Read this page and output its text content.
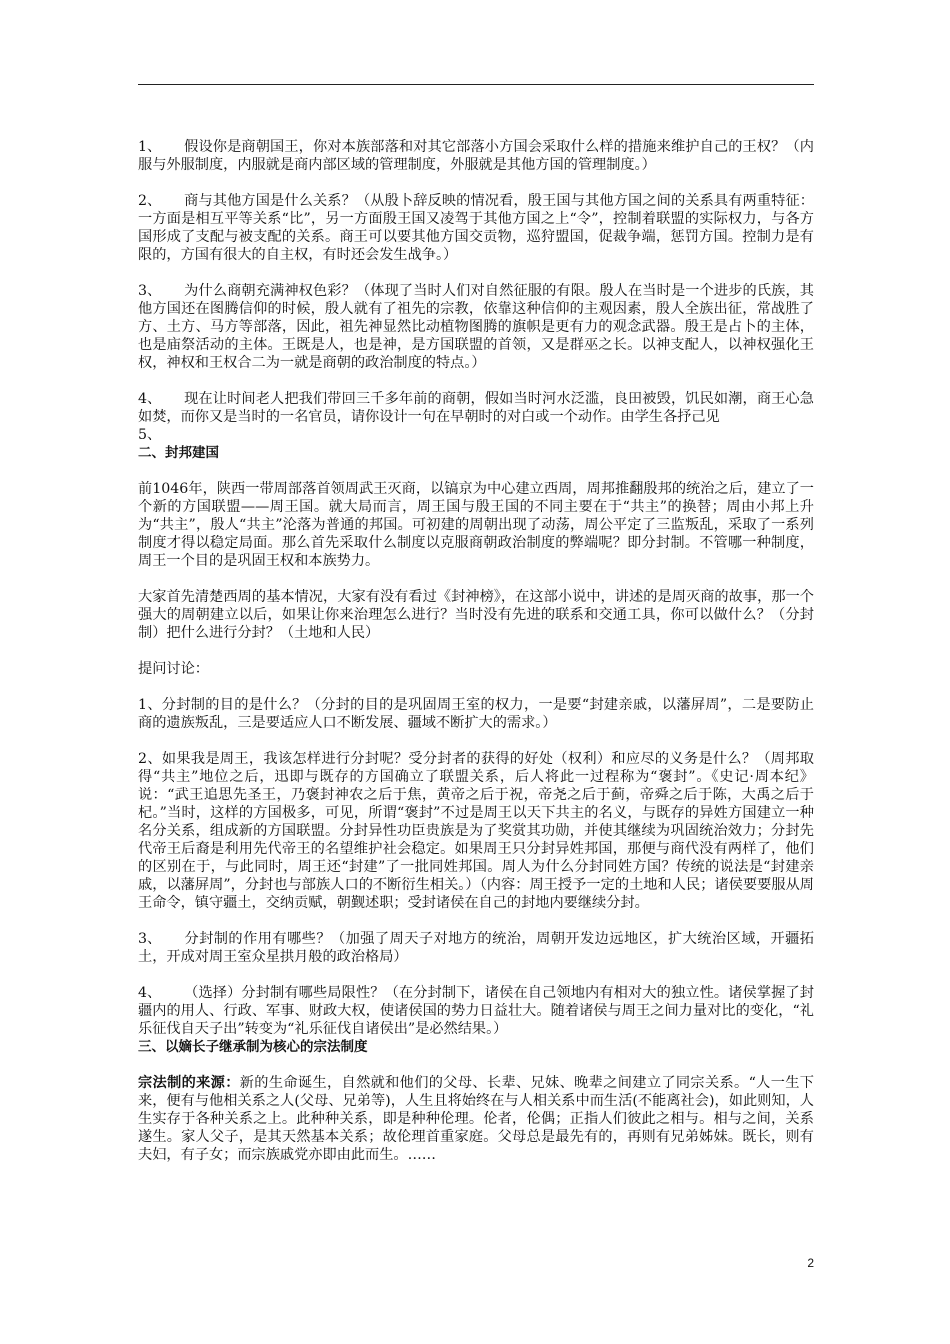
1、 假设你是商朝国王，你对本族部落和对其它部落小方国会采取什么样的措施来维护自己的王权？（内服与外服制度，内服就是商内部区域的管理制度，外服就是其他方国的管理制度。）

2、 商与其他方国是什么关系？（从殷卜辞反映的情况看，殷王国与其他方国之间的关系具有两重特征：一方面是相互平等关系“比”，另一方面殷王国又凌驾于其他方国之上“令”，控制着联盟的实际权力，与各方国形成了支配与被支配的关系。商王可以要其他方国交贡物，巡狩盟国，促裁争端，惩罚方国。控制力是有限的，方国有很大的自主权，有时还会发生战争。）

3、 为什么商朝充满神权色彩？（体现了当时人们对自然征服的有限。殷人在当时是一个进步的氏族，其他方国还在图腾信仰的时候，殷人就有了祖先的宗教，依靠这种信仰的主观因素，殷人全族出征，常战胜了方、土方、马方等部落，因此，祖先神显然比动植物图腾的旗帜是更有力的观念武器。殷王是占卜的主体，也是庙祭活动的主体。王既是人，也是神，是方国联盟的首领，又是群巫之长。以神支配人，以神权强化王权，神权和王权合二为一就是商朝的政治制度的特点。）

4、 现在让时间老人把我们带回三千多年前的商朝，假如当时河水泛滥，良田被毁，饥民如潮，商王心急如焚，而你又是当时的一名官员，请你设计一句在早朝时的对白或一个动作。由学生各抒己见

5、

二、封邦建国

前1046年，陕西一带周部落首领周武王灭商，以镐京为中心建立西周，周邦推翻殷邦的统治之后，建立了一个新的方国联盟——周王国。就大局而言，周王国与殷王国的不同主要在于“共主”的换替；周由小邦上升为“共主”，殷人“共主”沦落为普通的邦国。可初建的周朝出现了动荡，周公平定了三监叛乱，采取了一系列制度才得以稳定局面。那么首先采取什么制度以克服商朝政治制度的弊端呢？即分封制。不管哪一种制度，周王一个目的是巩固王权和本族势力。

大家首先清楚西周的基本情况，大家有没有看过《封神榜》，在这部小说中，讲述的是周灭商的故事，那一个强大的周朝建立以后，如果让你来治理怎么进行？当时没有先进的联系和交通工具，你可以做什么？（分封制）把什么进行分封？（土地和人民）

提问讨论：

1、分封制的目的是什么？（分封的目的是巩固周王室的权力，一是要“封建亲戚，以藩屏周”，二是要防止商的遗族叛乱，三是要适应人口不断发展、疆域不断扩大的需求。）

2、如果我是周王，我该怎样进行分封呢？受分封者的获得的好处（权利）和应尽的义务是什么？（周邦取得“共主”地位之后，迅即与既存的方国确立了联盟关系，后人将此一过程称为“褒封”。《史记·周本纪》说：“武王追思先圣王，乃褒封神农之后于焦，黄帝之后于祝，帝尧之后于蓟，帝舜之后于陈，大禹之后于杞。”当时，这样的方国极多，可见，所谓“褒封”不过是周王以天下共主的名义，与既存的异姓方国建立一种名分关系，组成新的方国联盟。分封异性功臣贵族是为了奖赏其功勋，并使其继续为巩固统治效力；分封先代帝王后裔是利用先代帝王的名望维护社会稳定。如果周王只分封异姓邦国，那便与商代没有两样了，他们的区别在于，与此同时，周王还“封建”了一批同姓邦国。周人为什么分封同姓方国？传统的说法是“封建亲戚，以藩屏周”，分封也与部族人口的不断衍生相关。）（内容：周王授予一定的土地和人民；诸侯要要服从周王命令，镇守疆土，交纳贡赋，朝觐述职；受封诸侯在自己的封地内要继续分封。

3、 分封制的作用有哪些？（加强了周天子对地方的统治，周朝开发边远地区，扩大统治区域，开疆拓土，开成对周王室众星拱月般的政治格局）

4、 （选择）分封制有哪些局限性？（在分封制下，诸侯在自己领地内有相对大的独立性。诸侯掌握了封疆内的用人、行政、军事、财政大权，使诸侯国的势力日益壮大。随着诸侯与周王之间力量对比的变化，“礼乐征伐自天子出”转变为“礼乐征伐自诸侯出”是必然结果。）

三、以嫡长子继承制为核心的宗法制度

宗法制的来源：新的生命诞生，自然就和他们的父母、长辈、兄妹、晚辈之间建立了同宗关系。“人一生下来，便有与他相关系之人(父母、兄弟等)，人生且将始终在与人相关系中而生活(不能离社会)，如此则知，人生实存于各种关系之上。此种种关系，即是种种伦理。伦者，伦偶；正指人们彼此之相与。相与之间，关系遂生。家人父子，是其天然基本关系；故伦理首重家庭。父母总是最先有的，再则有兄弟姊妹。既长，则有夫妇，有子女；而宗族戚党亦即由此而生。……

2
